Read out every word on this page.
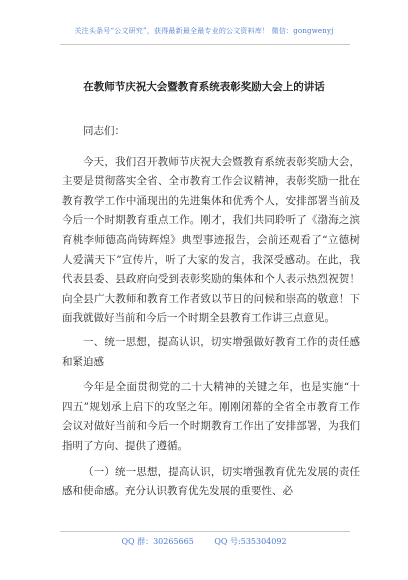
关注头条号“公文研究”，获得最新最全最专业的公文资料库！ 微信：gongwenyj
在教师节庆祝大会暨教育系统表彰奖励大会上的讲话

同志们：

今天，我们召开教师节庆祝大会暨教育系统表彰奖励大会，主要是贯彻落实全省、全市教育工作会议精神，表彰奖励一批在教育教学工作中涌现出的先进集体和优秀个人，安排部署当前及今后一个时期教育重点工作。刚才，我们共同聆听了《渤海之滨育桃李师德高尚铸辉煌》典型事迹报告，会前还观看了“立德树人爱满天下”宣传片，听了大家的发言，我深受感动。在此，我代表县委、县政府向受到表彰奖励的集体和个人表示热烈祝贺！向全县广大教师和教育工作者致以节日的问候和崇高的敬意！下面我就做好当前和今后一个时期全县教育工作讲三点意见。

一、统一思想，提高认识，切实增强做好教育工作的责任感和紧迫感

今年是全面贯彻党的二十大精神的关键之年，也是实施“十四五”规划承上启下的攻坚之年。刚刚闭幕的全省全市教育工作会议对做好当前和今后一个时期教育工作出了安排部署，为我们指明了方向、提供了遵循。

（一）统一思想，提高认识，切实增强教育优先发展的责任感和使命感。充分认识教育优先发展的重要性、必

QQ 群：30265665	QQ 号:535304092
